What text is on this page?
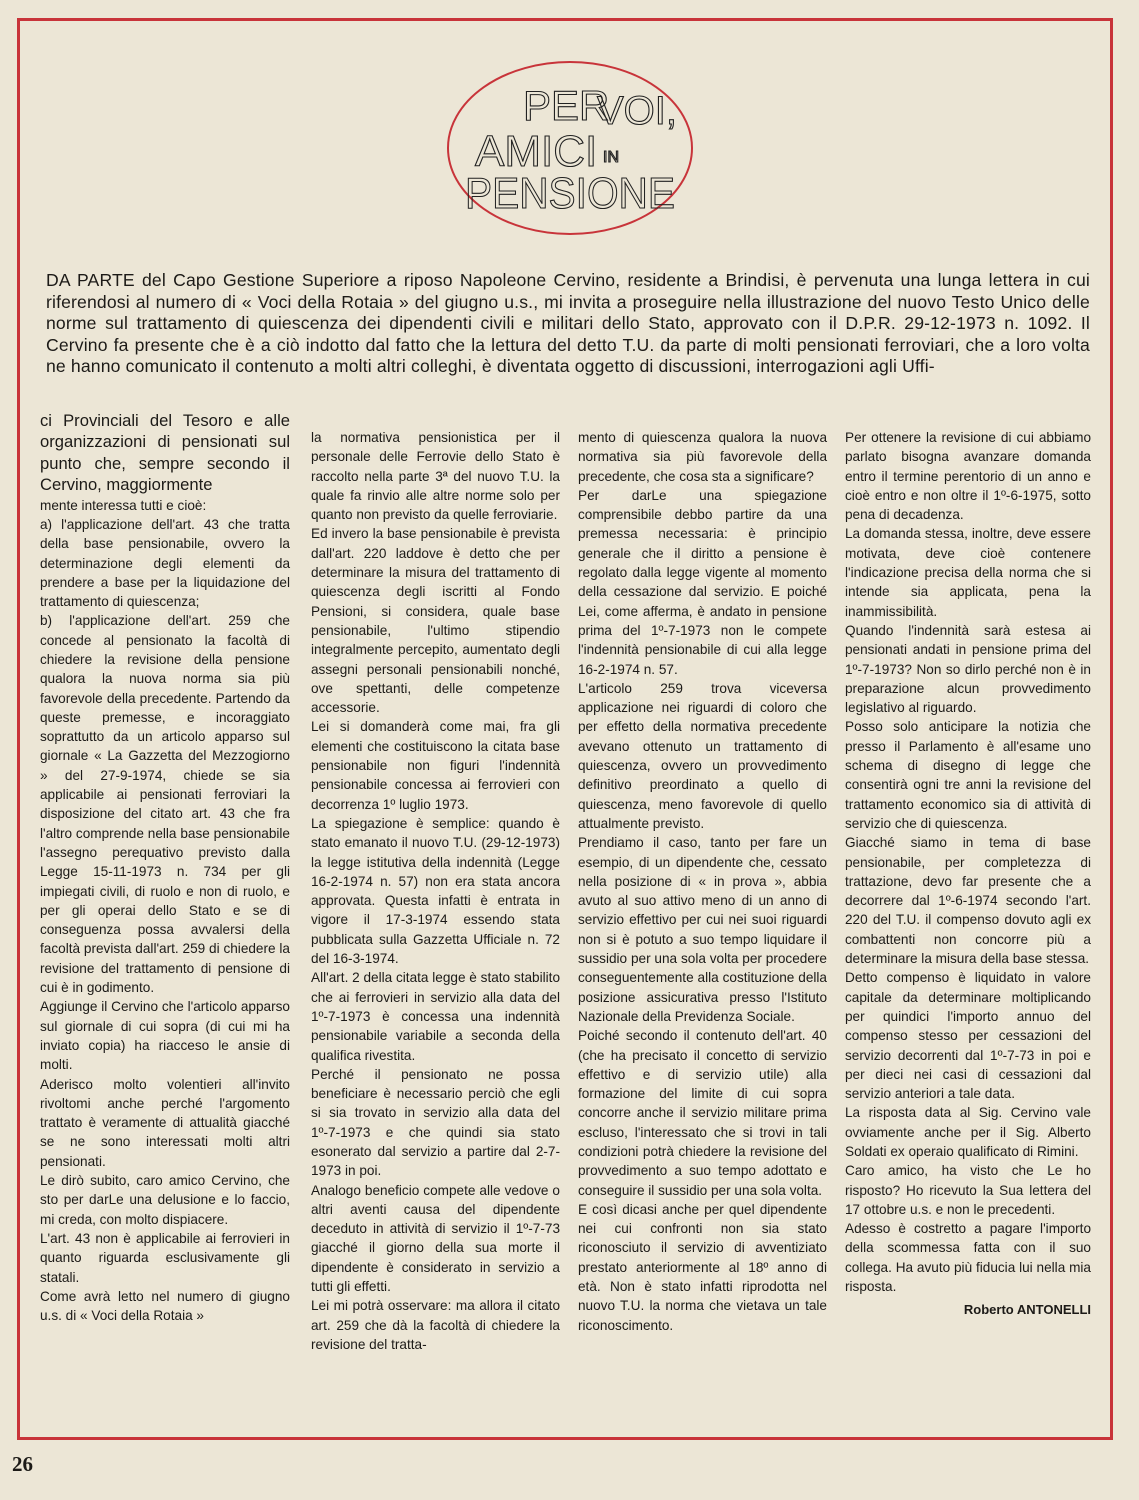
PER
VOI,
AMICI IN
PENSIONE

DA PARTE del Capo Gestione Superiore a riposo Napoleone Cervino, residente a Brindisi, è pervenuta una lunga lettera in cui riferendosi al numero di « Voci della Rotaia » del giugno u.s., mi invita a proseguire nella illustrazione del nuovo Testo Unico delle norme sul trattamento di quiescenza dei dipendenti civili e militari dello Stato, approvato con il D.P.R. 29-12-1973 n. 1092. Il Cervino fa presente che è a ciò indotto dal fatto che la lettura del detto T.U. da parte di molti pensionati ferroviari, che a loro volta ne hanno comunicato il contenuto a molti altri colleghi, è diventata oggetto di discussioni, interrogazioni agli Uffi-

ci Provinciali del Tesoro e alle organizzazioni di pensionati sul punto che, sempre secondo il Cervino, maggiormente

mente interessa tutti e cioè:

a) l'applicazione dell'art. 43 che tratta della base pensionabile, ovvero la determinazione degli elementi da prendere a base per la liquidazione del trattamento di quiescenza;

b) l'applicazione dell'art. 259 che concede al pensionato la facoltà di chiedere la revisione della pensione qualora la nuova norma sia più favorevole della precedente. Partendo da queste premesse, e incoraggiato soprattutto da un articolo apparso sul giornale « La Gazzetta del Mezzogiorno » del 27-9-1974, chiede se sia applicabile ai pensionati ferroviari la disposizione del citato art. 43 che fra l'altro comprende nella base pensionabile l'assegno perequativo previsto dalla Legge 15-11-1973 n. 734 per gli impiegati civili, di ruolo e non di ruolo, e per gli operai dello Stato e se di conseguenza possa avvalersi della facoltà prevista dall'art. 259 di chiedere la revisione del trattamento di pensione di cui è in godimento.

Aggiunge il Cervino che l'articolo apparso sul giornale di cui sopra (di cui mi ha inviato copia) ha riacceso le ansie di molti.

Aderisco molto volentieri all'invito rivoltomi anche perché l'argomento trattato è veramente di attualità giacché se ne sono interessati molti altri pensionati.

Le dirò subito, caro amico Cervino, che sto per darLe una delusione e lo faccio, mi creda, con molto dispiacere.

L'art. 43 non è applicabile ai ferrovieri in quanto riguarda esclusivamente gli statali.

Come avrà letto nel numero di giugno u.s. di « Voci della Rotaia »

la normativa pensionistica per il personale delle Ferrovie dello Stato è raccolto nella parte 3ª del nuovo T.U. la quale fa rinvio alle altre norme solo per quanto non previsto da quelle ferroviarie.

Ed invero la base pensionabile è prevista dall'art. 220 laddove è detto che per determinare la misura del trattamento di quiescenza degli iscritti al Fondo Pensioni, si considera, quale base pensionabile, l'ultimo stipendio integralmente percepito, aumentato degli assegni personali pensionabili nonché, ove spettanti, delle competenze accessorie.

Lei si domanderà come mai, fra gli elementi che costituiscono la citata base pensionabile non figuri l'indennità pensionabile concessa ai ferrovieri con decorrenza 1º luglio 1973.

La spiegazione è semplice: quando è stato emanato il nuovo T.U. (29-12-1973) la legge istitutiva della indennità (Legge 16-2-1974 n. 57) non era stata ancora approvata. Questa infatti è entrata in vigore il 17-3-1974 essendo stata pubblicata sulla Gazzetta Ufficiale n. 72 del 16-3-1974.

All'art. 2 della citata legge è stato stabilito che ai ferrovieri in servizio alla data del 1º-7-1973 è concessa una indennità pensionabile variabile a seconda della qualifica rivestita.

Perché il pensionato ne possa beneficiare è necessario perciò che egli si sia trovato in servizio alla data del 1º-7-1973 e che quindi sia stato esonerato dal servizio a partire dal 2-7-1973 in poi.

Analogo beneficio compete alle vedove o altri aventi causa del dipendente deceduto in attività di servizio il 1º-7-73 giacché il giorno della sua morte il dipendente è considerato in servizio a tutti gli effetti.

Lei mi potrà osservare: ma allora il citato art. 259 che dà la facoltà di chiedere la revisione del tratta-

mento di quiescenza qualora la nuova normativa sia più favorevole della precedente, che cosa sta a significare?

Per darLe una spiegazione comprensibile debbo partire da una premessa necessaria: è principio generale che il diritto a pensione è regolato dalla legge vigente al momento della cessazione dal servizio. E poiché Lei, come afferma, è andato in pensione prima del 1º-7-1973 non le compete l'indennità pensionabile di cui alla legge 16-2-1974 n. 57.

L'articolo 259 trova viceversa applicazione nei riguardi di coloro che per effetto della normativa precedente avevano ottenuto un trattamento di quiescenza, ovvero un provvedimento definitivo preordinato a quello di quiescenza, meno favorevole di quello attualmente previsto.

Prendiamo il caso, tanto per fare un esempio, di un dipendente che, cessato nella posizione di « in prova », abbia avuto al suo attivo meno di un anno di servizio effettivo per cui nei suoi riguardi non si è potuto a suo tempo liquidare il sussidio per una sola volta per procedere conseguentemente alla costituzione della posizione assicurativa presso l'Istituto Nazionale della Previdenza Sociale.

Poiché secondo il contenuto dell'art. 40 (che ha precisato il concetto di servizio effettivo e di servizio utile) alla formazione del limite di cui sopra concorre anche il servizio militare prima escluso, l'interessato che si trovi in tali condizioni potrà chiedere la revisione del provvedimento a suo tempo adottato e conseguire il sussidio per una sola volta.

E così dicasi anche per quel dipendente nei cui confronti non sia stato riconosciuto il servizio di avventiziato prestato anteriormente al 18º anno di età. Non è stato infatti riprodotta nel nuovo T.U. la norma che vietava un tale riconoscimento.

Per ottenere la revisione di cui abbiamo parlato bisogna avanzare domanda entro il termine perentorio di un anno e cioè entro e non oltre il 1º-6-1975, sotto pena di decadenza.

La domanda stessa, inoltre, deve essere motivata, deve cioè contenere l'indicazione precisa della norma che si intende sia applicata, pena la inammissibilità.

Quando l'indennità sarà estesa ai pensionati andati in pensione prima del 1º-7-1973? Non so dirlo perché non è in preparazione alcun provvedimento legislativo al riguardo.

Posso solo anticipare la notizia che presso il Parlamento è all'esame uno schema di disegno di legge che consentirà ogni tre anni la revisione del trattamento economico sia di attività di servizio che di quiescenza.

Giacché siamo in tema di base pensionabile, per completezza di trattazione, devo far presente che a decorrere dal 1º-6-1974 secondo l'art. 220 del T.U. il compenso dovuto agli ex combattenti non concorre più a determinare la misura della base stessa.

Detto compenso è liquidato in valore capitale da determinare moltiplicando per quindici l'importo annuo del compenso stesso per cessazioni del servizio decorrenti dal 1º-7-73 in poi e per dieci nei casi di cessazioni dal servizio anteriori a tale data.

La risposta data al Sig. Cervino vale ovviamente anche per il Sig. Alberto Soldati ex operaio qualificato di Rimini.

Caro amico, ha visto che Le ho risposto? Ho ricevuto la Sua lettera del 17 ottobre u.s. e non le precedenti.

Adesso è costretto a pagare l'importo della scommessa fatta con il suo collega. Ha avuto più fiducia lui nella mia risposta.

Roberto ANTONELLI

26
